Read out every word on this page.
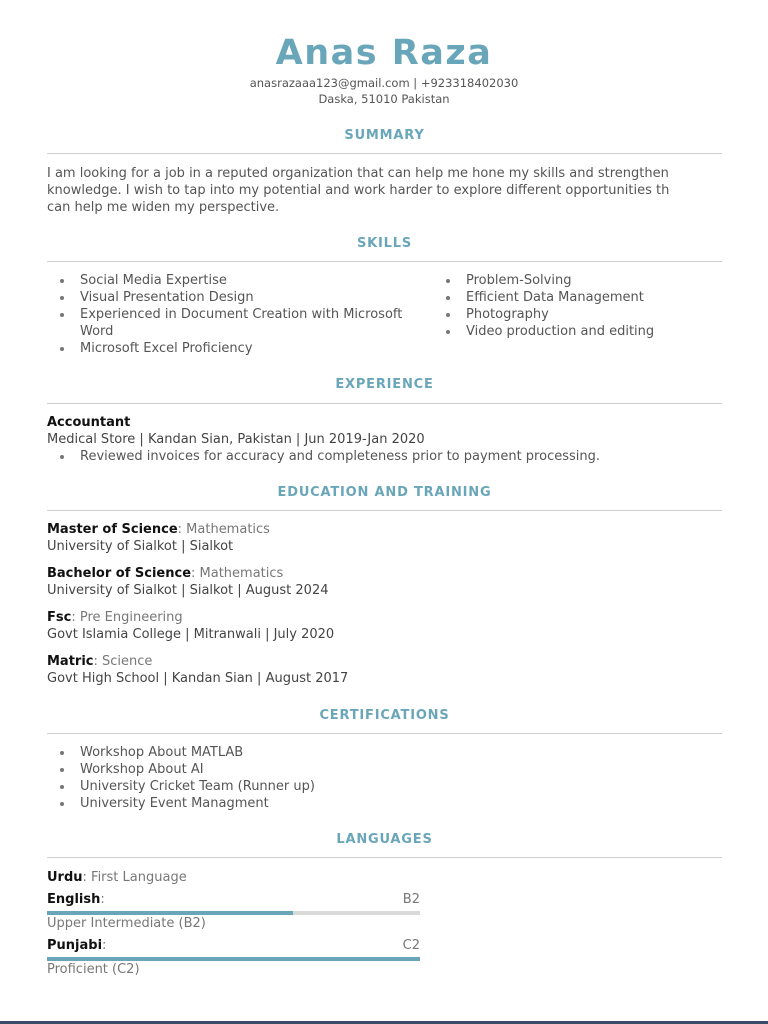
Anas Raza
anasrazaaa123@gmail.com | +923318402030
Daska, 51010 Pakistan
SUMMARY
I am looking for a job in a reputed organization that can help me hone my skills and strengthen
knowledge. I wish to tap into my potential and work harder to explore different opportunities th
can help me widen my perspective.
SKILLS
Social Media Expertise
Visual Presentation Design
Experienced in Document Creation with Microsoft Word
Microsoft Excel Proficiency
Problem-Solving
Efficient Data Management
Photography
Video production and editing
EXPERIENCE
Accountant
Medical Store | Kandan Sian, Pakistan | Jun 2019-Jan 2020
Reviewed invoices for accuracy and completeness prior to payment processing.
EDUCATION AND TRAINING
Master of Science: Mathematics
University of Sialkot | Sialkot
Bachelor of Science: Mathematics
University of Sialkot | Sialkot | August 2024
Fsc: Pre Engineering
Govt Islamia College | Mitranwali | July 2020
Matric: Science
Govt High School | Kandan Sian | August 2017
CERTIFICATIONS
Workshop About MATLAB
Workshop About AI
University Cricket Team (Runner up)
University Event Managment
LANGUAGES
Urdu: First Language
English:	B2
Upper Intermediate (B2)
Punjabi:	C2
Proficient (C2)
